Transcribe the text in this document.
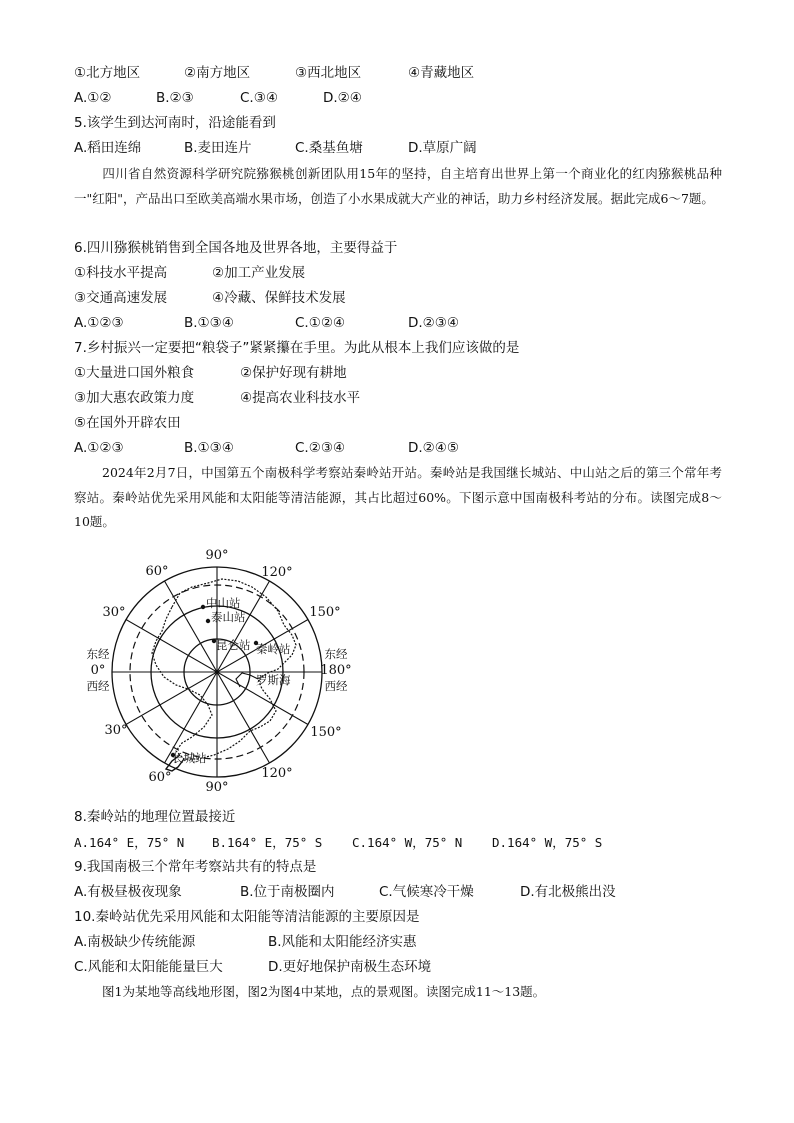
①北方地区	②南方地区	③西北地区	④青藏地区
A.①②	B.②③	C.③④	D.②④
5.该学生到达河南时，沿途能看到
A.稻田连绵	B.麦田连片	C.桑基鱼塘	D.草原广阔
四川省自然资源科学研究院猕猴桃创新团队用15年的坚持，自主培育出世界上第一个商业化的红肉猕猴桃品种一"红阳"，产品出口至欧美高端水果市场，创造了小水果成就大产业的神话，助力乡村经济发展。据此完成6～7题。
6.四川猕猴桃销售到全国各地及世界各地，主要得益于
①科技水平提高	②加工产业发展
③交通高速发展	④冷藏、保鲜技术发展
A.①②③	B.①③④	C.①②④	D.②③④
7.乡村振兴一定要把“粮袋子”紧紧攥在手里。为此从根本上我们应该做的是
①大量进口国外粮食	②保护好现有耕地
③加大惠农政策力度	④提高农业科技水平
⑤在国外开辟农田
A.①②③	B.①③④	C.②③④	D.②④⑤
2024年2月7日，中国第五个南极科学考察站秦岭站开站。秦岭站是我国继长城站、中山站之后的第三个常年考察站。秦岭站优先采用风能和太阳能等清洁能源，其占比超过60%。下图示意中国南极科考站的分布。读图完成8～10题。
90°
120°
150°
东经
180°
西经
150°
120°
90°
60°
30°
东经
0°
西经
30°
60°
中山站
泰山站
昆仑站 秦岭站
罗斯海
长城站
8.秦岭站的地理位置最接近
A.164° E，75° N B.164° E，75° S C.164° W，75° N D.164° W，75° S
9.我国南极三个常年考察站共有的特点是
A.有极昼极夜现象	B.位于南极圈内	C.气候寒冷干燥	D.有北极熊出没
10.秦岭站优先采用风能和太阳能等清洁能源的主要原因是
A.南极缺少传统能源	B.风能和太阳能经济实惠
C.风能和太阳能能量巨大	D.更好地保护南极生态环境
图1为某地等高线地形图，图2为图4中某地，点的景观图。读图完成11～13题。
